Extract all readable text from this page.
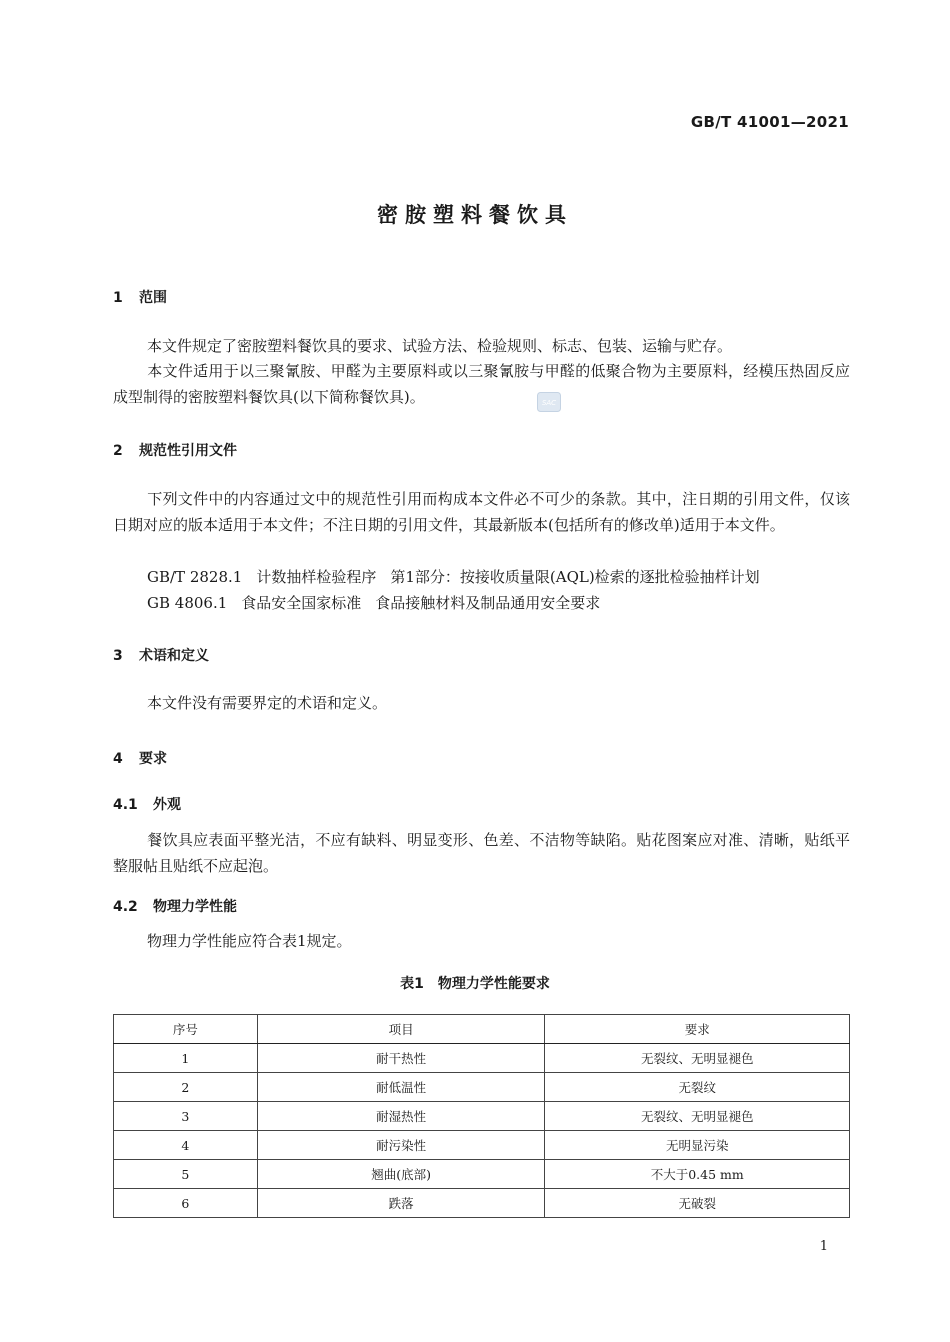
GB/T 41001—2021
密胺塑料餐饮具
1 范围
本文件规定了密胺塑料餐饮具的要求、试验方法、检验规则、标志、包装、运输与贮存。
本文件适用于以三聚氰胺、甲醛为主要原料或以三聚氰胺与甲醛的低聚合物为主要原料，经模压热固反应成型制得的密胺塑料餐饮具(以下简称餐饮具)。	SAC
2 规范性引用文件
下列文件中的内容通过文中的规范性引用而构成本文件必不可少的条款。其中，注日期的引用文件，仅该日期对应的版本适用于本文件；不注日期的引用文件，其最新版本(包括所有的修改单)适用于本文件。
GB/T 2828.1 计数抽样检验程序 第1部分：按接收质量限(AQL)检索的逐批检验抽样计划
GB 4806.1 食品安全国家标准 食品接触材料及制品通用安全要求
3 术语和定义
本文件没有需要界定的术语和定义。
4 要求
4.1 外观
餐饮具应表面平整光洁，不应有缺料、明显变形、色差、不洁物等缺陷。贴花图案应对准、清晰，贴纸平整服帖且贴纸不应起泡。
4.2 物理力学性能
物理力学性能应符合表1规定。
表1 物理力学性能要求
序号	项目	要求
1	耐干热性	无裂纹、无明显褪色
2	耐低温性	无裂纹
3	耐湿热性	无裂纹、无明显褪色
4	耐污染性	无明显污染
5	翘曲(底部)	不大于0.45 mm
6	跌落	无破裂
1
